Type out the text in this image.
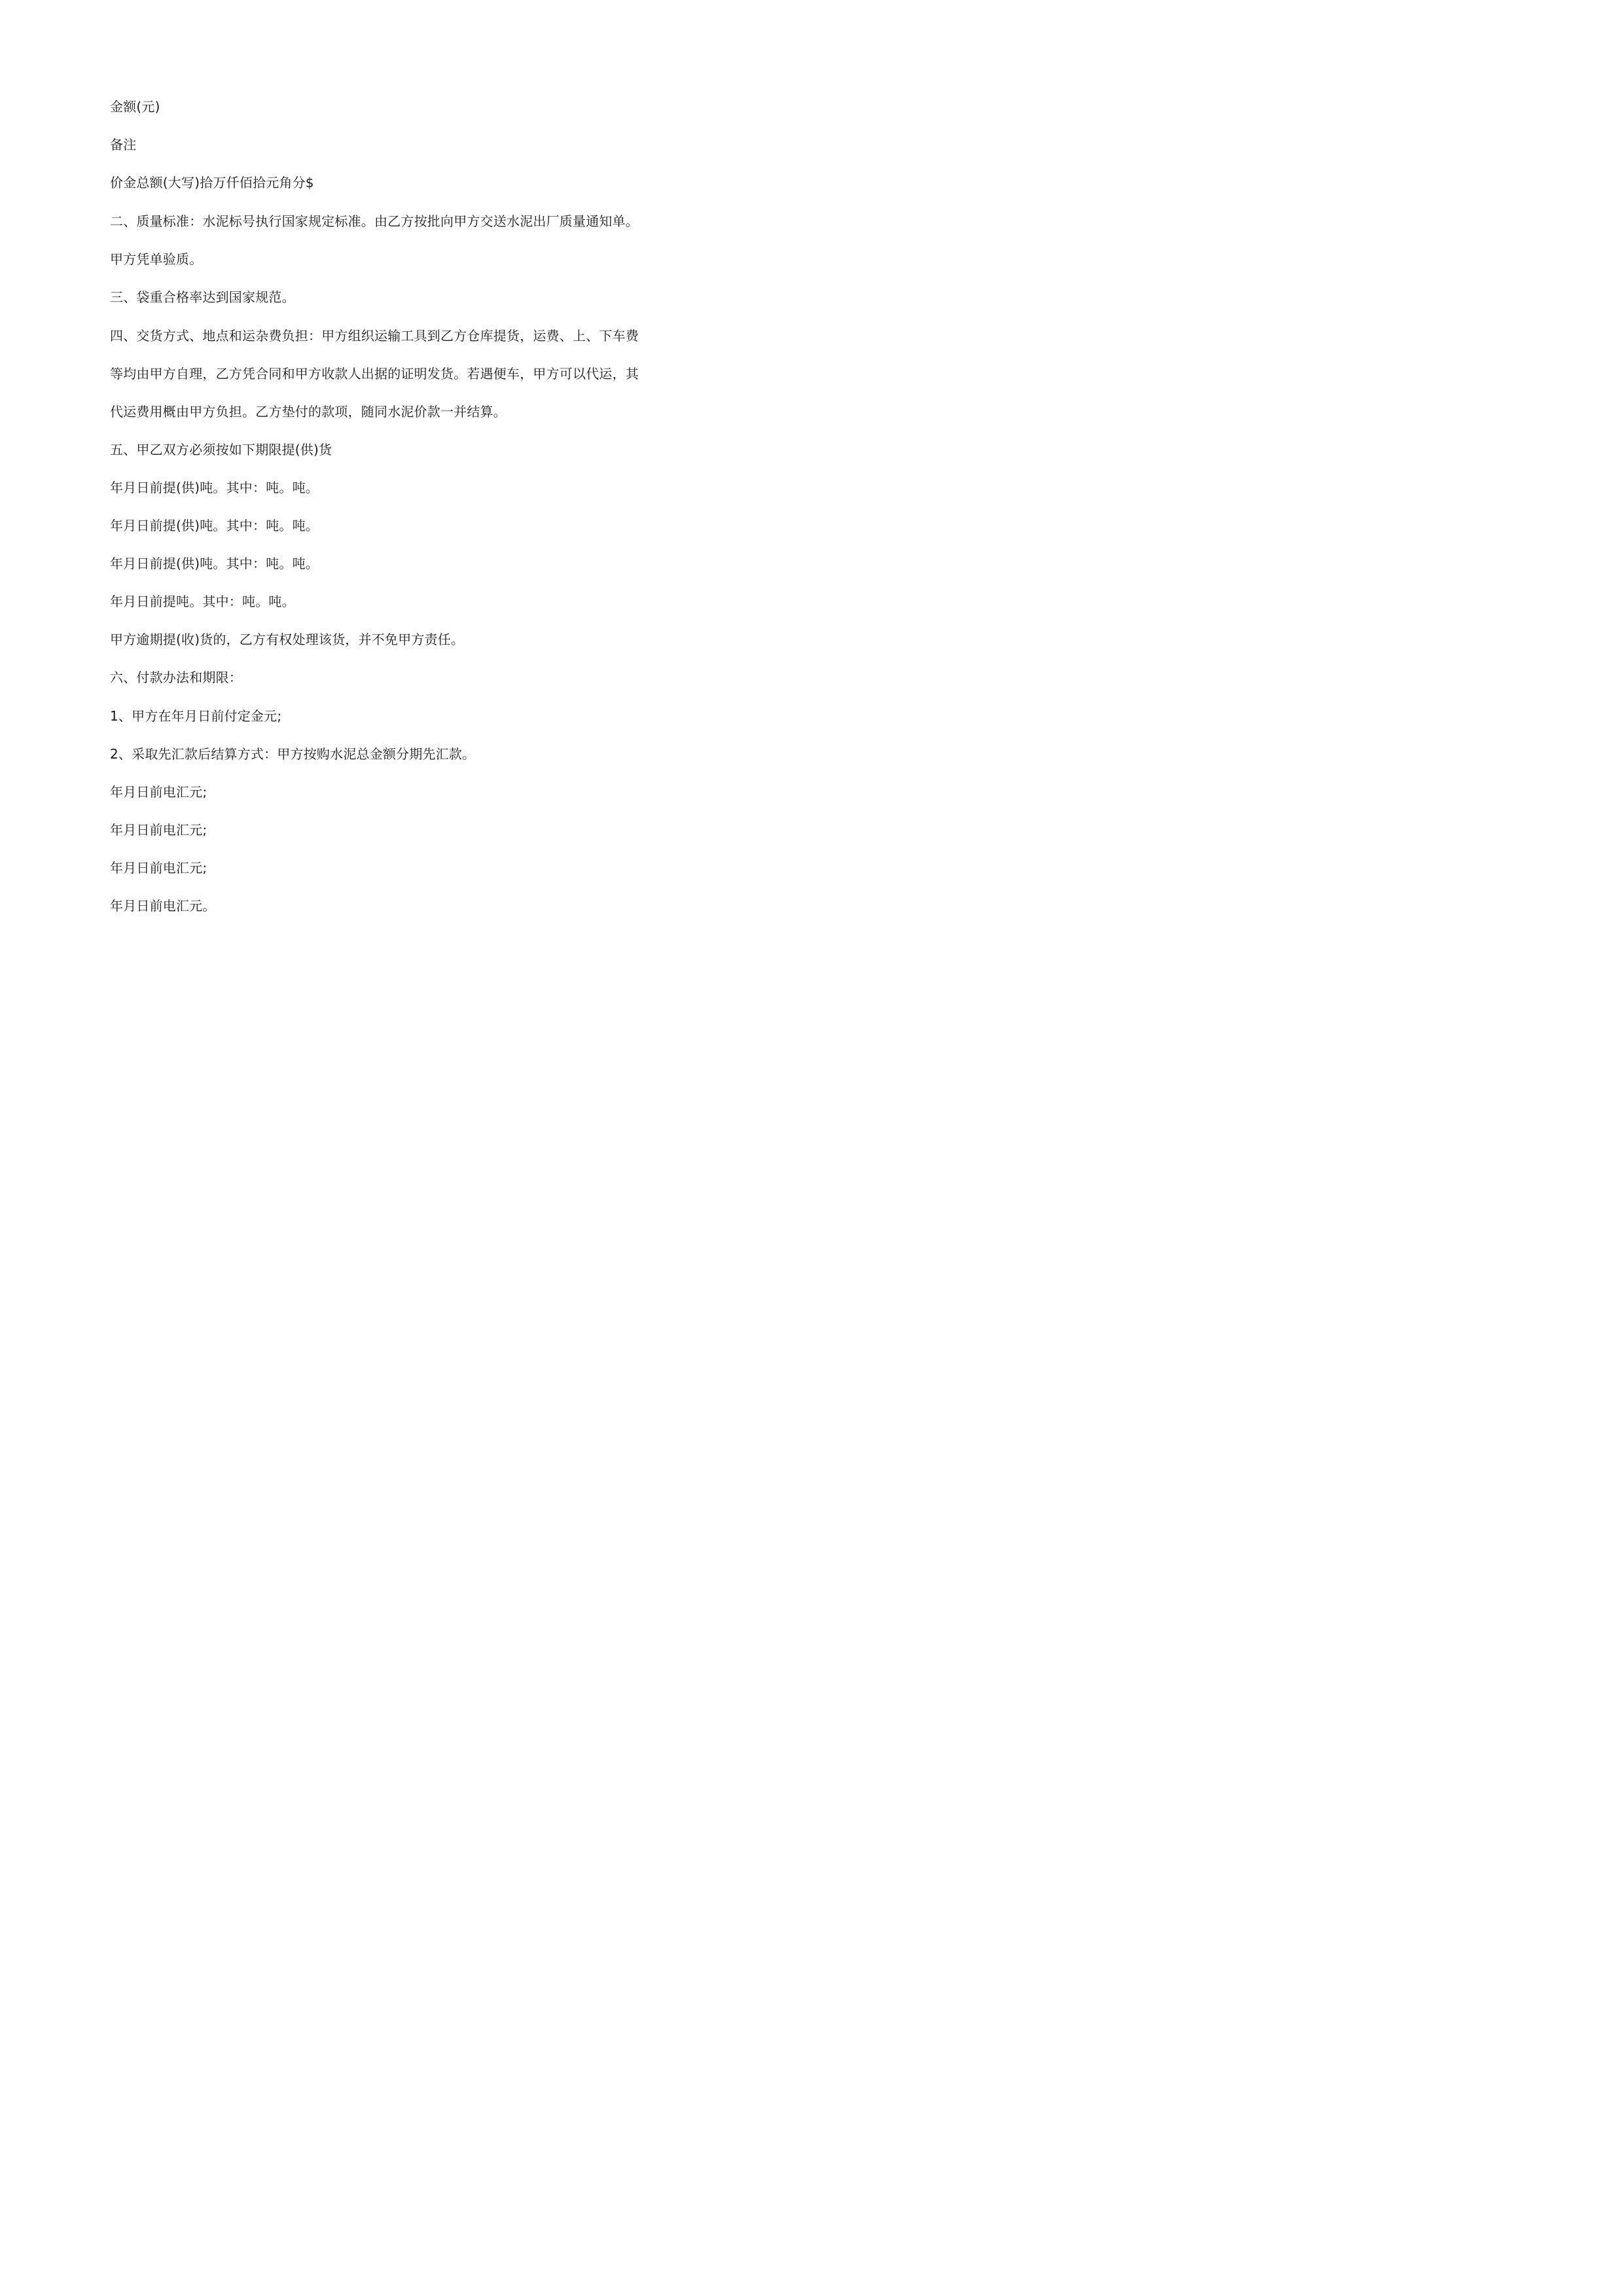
金额(元)
备注
价金总额(大写)拾万仟佰拾元角分$
二、质量标准：水泥标号执行国家规定标准。由乙方按批向甲方交送水泥出厂质量通知单。
甲方凭单验质。
三、袋重合格率达到国家规范。
四、交货方式、地点和运杂费负担：甲方组织运输工具到乙方仓库提货，运费、上、下车费
等均由甲方自理，乙方凭合同和甲方收款人出据的证明发货。若遇便车，甲方可以代运，其
代运费用概由甲方负担。乙方垫付的款项，随同水泥价款一并结算。
五、甲乙双方必须按如下期限提(供)货
年月日前提(供)吨。其中：吨。吨。
年月日前提(供)吨。其中：吨。吨。
年月日前提(供)吨。其中：吨。吨。
年月日前提吨。其中：吨。吨。
甲方逾期提(收)货的，乙方有权处理该货，并不免甲方责任。
六、付款办法和期限：
1、甲方在年月日前付定金元;
2、采取先汇款后结算方式：甲方按购水泥总金额分期先汇款。
年月日前电汇元;
年月日前电汇元;
年月日前电汇元;
年月日前电汇元。
